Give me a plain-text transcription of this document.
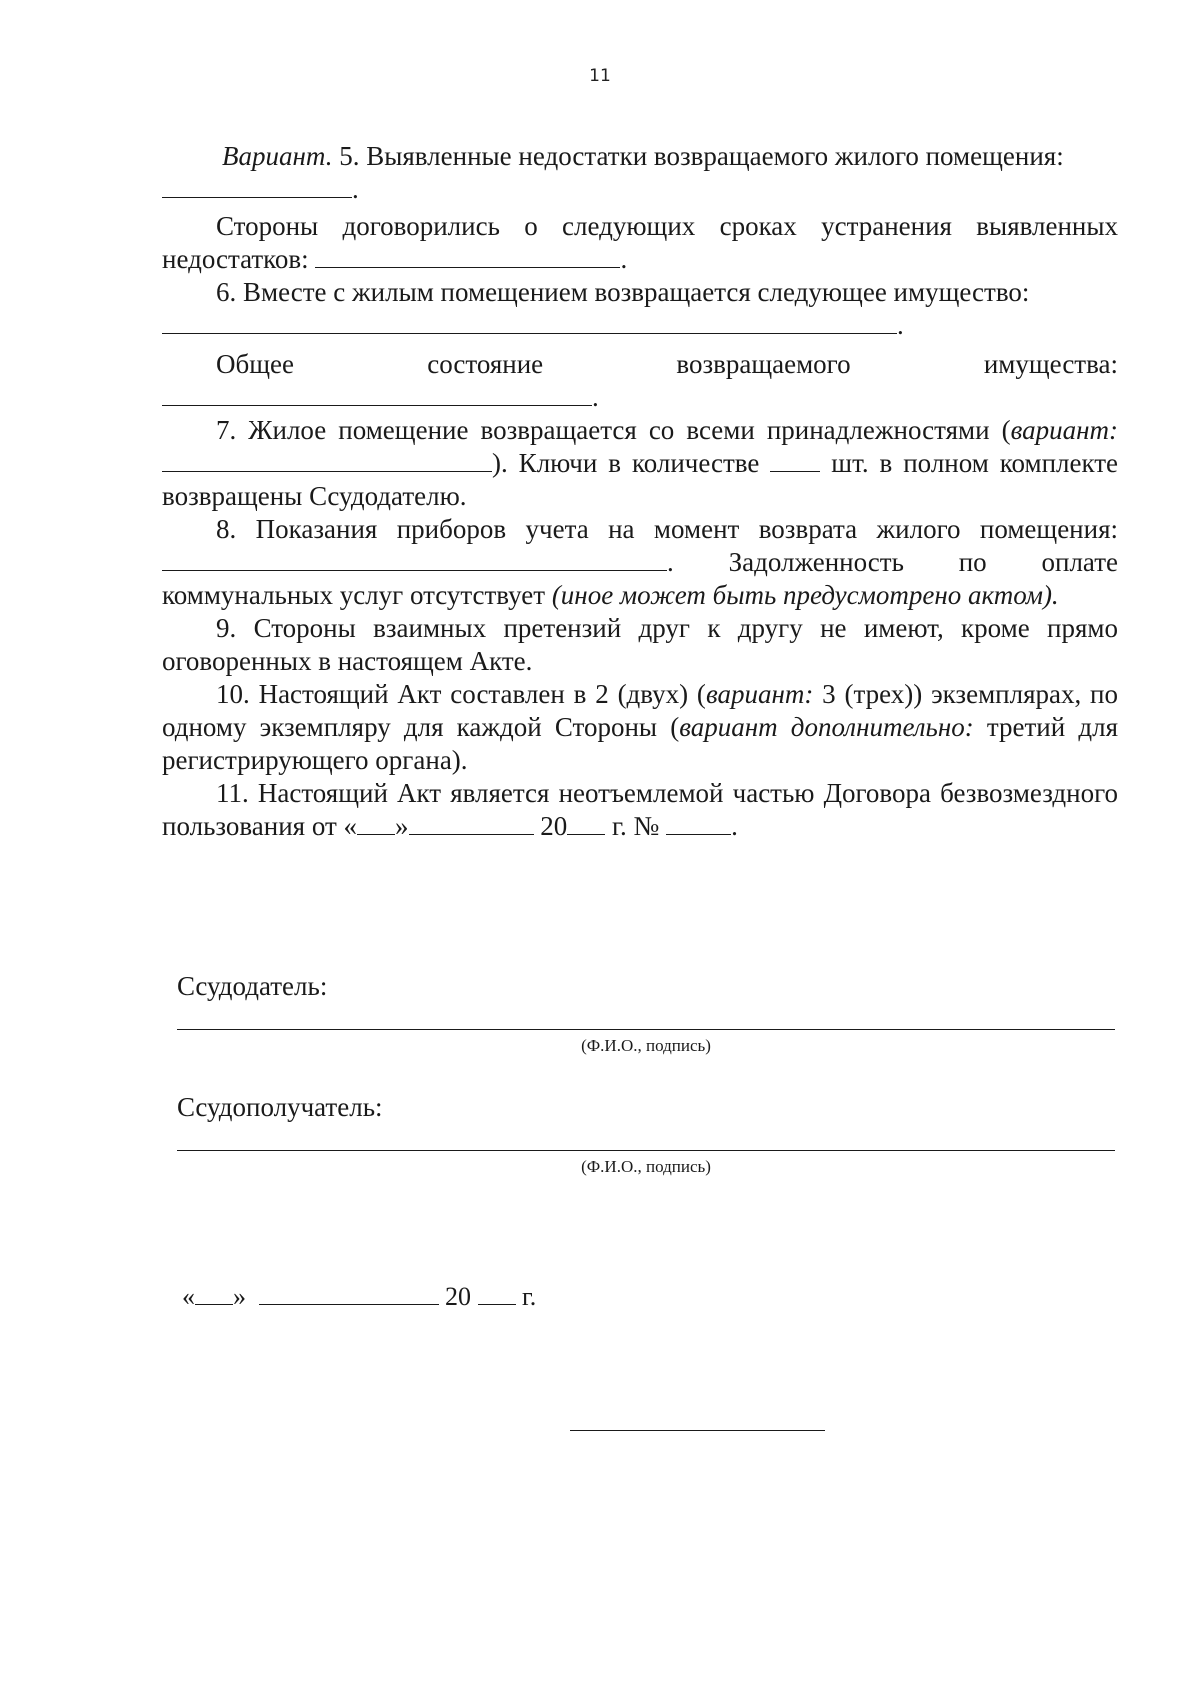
11

Вариант. 5. Выявленные недостатки возвращаемого жилого помещения:

.

Стороны договорились о следующих сроках устранения выявленных недостатков:	.

6. Вместе с жилым помещением возвращается следующее имущество:

.

Общее	состояние	возвращаемого	имущества:

.

7. Жилое помещение возвращается со всеми принадлежностями (вариант: ). Ключи в количестве	шт. в полном комплекте возвращены Ссудодателю.

8. Показания приборов учета на момент возврата жилого помещения: . Задолженность по оплате коммунальных услуг отсутствует (иное может быть предусмотрено актом).

9. Стороны взаимных претензий друг к другу не имеют, кроме прямо оговоренных в настоящем Акте.

10. Настоящий Акт составлен в 2 (двух) (вариант: 3 (трех)) экземплярах, по одному экземпляру для каждой Стороны (вариант дополнительно: третий для регистрирующего органа).

11. Настоящий Акт является неотъемлемой частью Договора безвозмездного пользования от « »	20 г. №	.

Ссудодатель:
(Ф.И.О., подпись)
Ссудополучатель:
(Ф.И.О., подпись)
« »	20 г.
